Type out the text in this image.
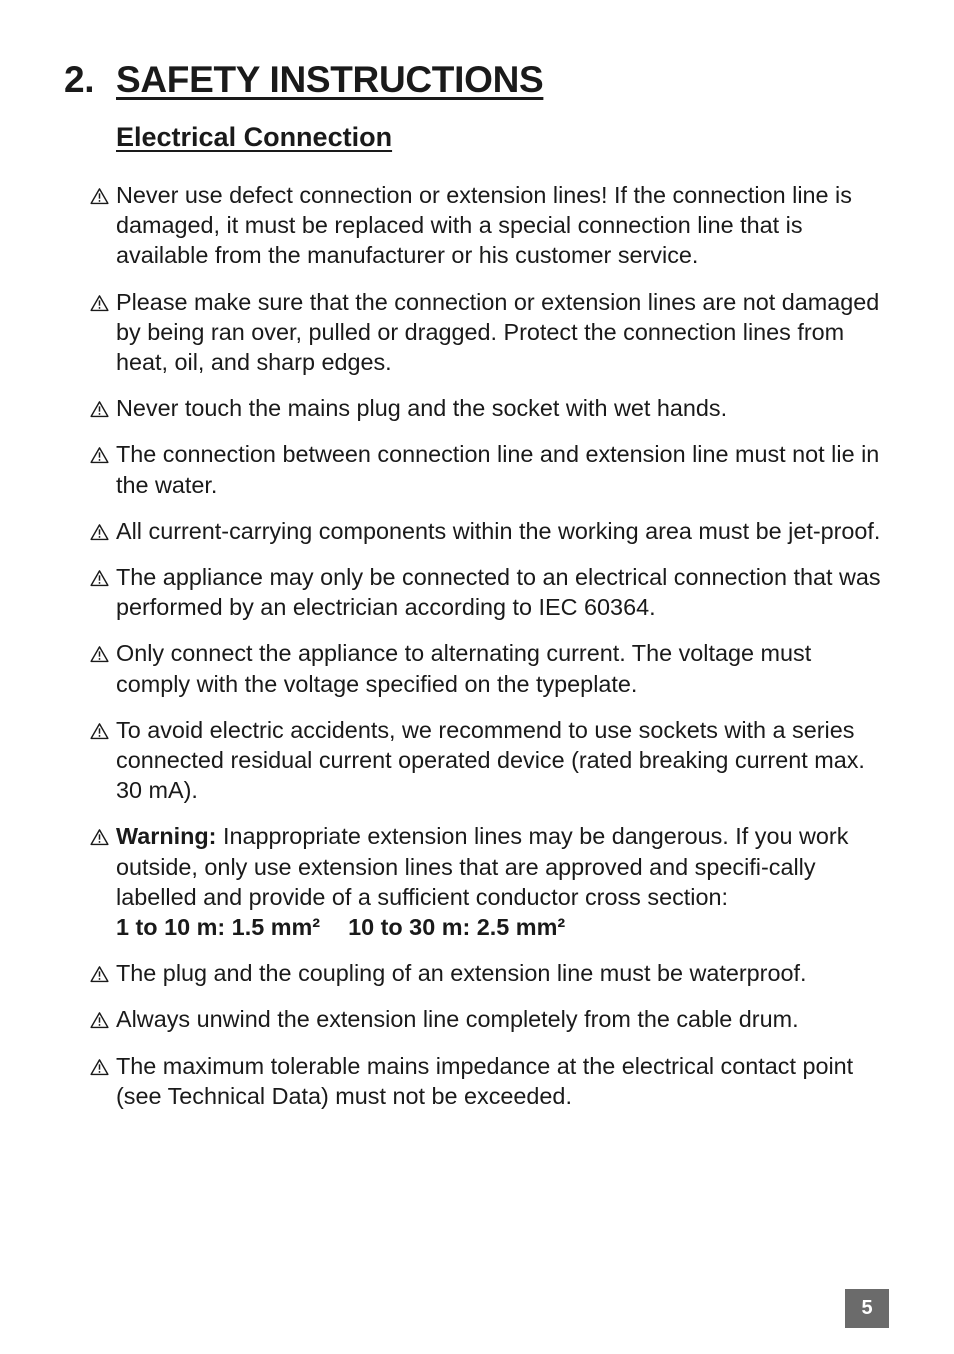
2. SAFETY INSTRUCTIONS
Electrical Connection
Never use defect connection or extension lines! If the connection line is damaged, it must be replaced with a special connection line that is available from the manufacturer or his customer service.
Please make sure that the connection or extension lines are not damaged by being ran over, pulled or dragged. Protect the connection lines from heat, oil, and sharp edges.
Never touch the mains plug and the socket with wet hands.
The connection between connection line and extension line must not lie in the water.
All current-carrying components within the working area must be jet-proof.
The appliance may only be connected to an electrical connection that was performed by an electrician according to IEC 60364.
Only connect the appliance to alternating current. The voltage must comply with the voltage specified on the typeplate.
To avoid electric accidents, we recommend to use sockets with a series connected residual current operated device (rated breaking current max. 30 mA).
Warning: Inappropriate extension lines may be dangerous. If you work outside, only use extension lines that are approved and specifi-cally labelled and provide of a sufficient conductor cross section:
1 to 10 m: 1.5 mm² 10 to 30 m: 2.5 mm²
The plug and the coupling of an extension line must be waterproof.
Always unwind the extension line completely from the cable drum.
The maximum tolerable mains impedance at the electrical contact point (see Technical Data) must not be exceeded.
5
